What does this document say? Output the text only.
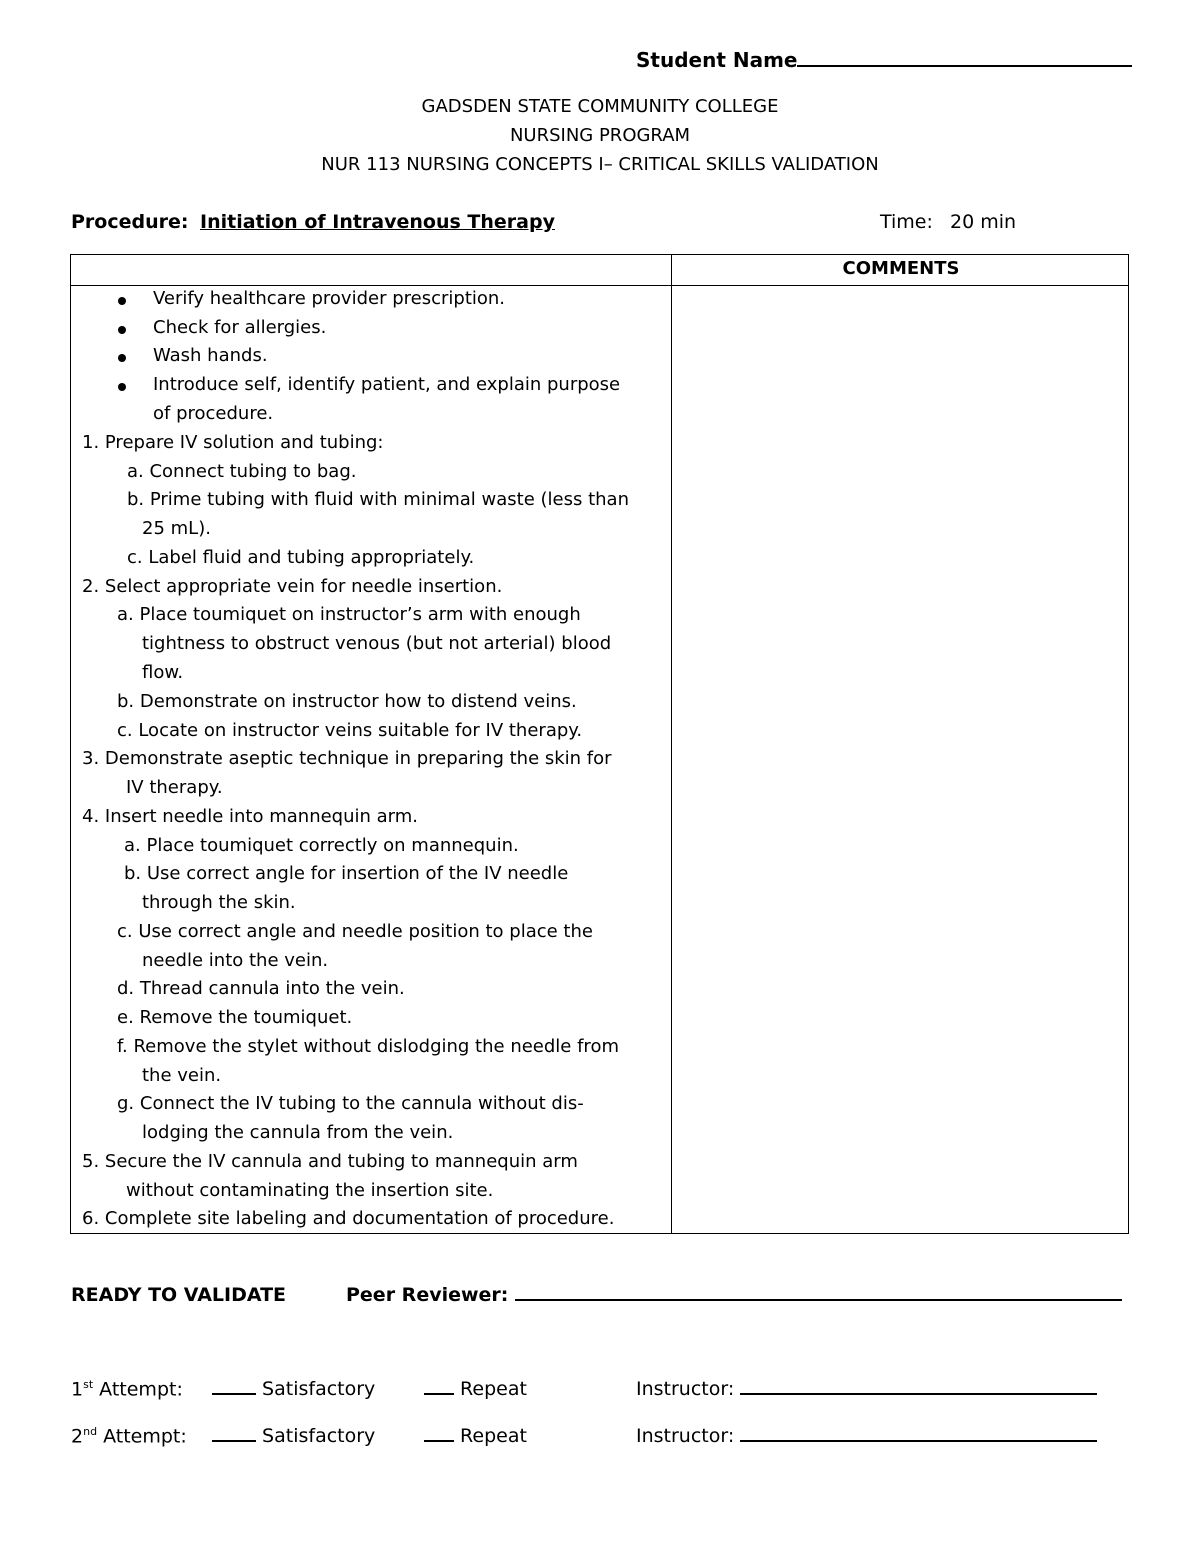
Student Name
GADSDEN STATE COMMUNITY COLLEGE
NURSING PROGRAM
NUR 113 NURSING CONCEPTS I– CRITICAL SKILLS VALIDATION
Procedure: Initiation of Intravenous Therapy	Time: 20 min
COMMENTS
Verify healthcare provider prescription.
Check for allergies.
Wash hands.
Introduce self, identify patient, and explain purpose
of procedure.
1. Prepare IV solution and tubing:
a. Connect tubing to bag.
b. Prime tubing with fluid with minimal waste (less than
25 mL).
c. Label fluid and tubing appropriately.
2. Select appropriate vein for needle insertion.
a. Place toumiquet on instructor’s arm with enough
tightness to obstruct venous (but not arterial) blood
flow.
b. Demonstrate on instructor how to distend veins.
c. Locate on instructor veins suitable for IV therapy.
3. Demonstrate aseptic technique in preparing the skin for
IV therapy.
4. Insert needle into mannequin arm.
a. Place toumiquet correctly on mannequin.
b. Use correct angle for insertion of the IV needle
through the skin.
c. Use correct angle and needle position to place the
needle into the vein.
d. Thread cannula into the vein.
e. Remove the toumiquet.
f. Remove the stylet without dislodging the needle from
the vein.
g. Connect the IV tubing to the cannula without dis-
lodging the cannula from the vein.
5. Secure the IV cannula and tubing to mannequin arm
without contaminating the insertion site.
6. Complete site labeling and documentation of procedure.
READY TO VALIDATE	Peer Reviewer:
1st Attempt:	Satisfactory	Repeat	Instructor:
2nd Attempt:	Satisfactory	Repeat	Instructor:
